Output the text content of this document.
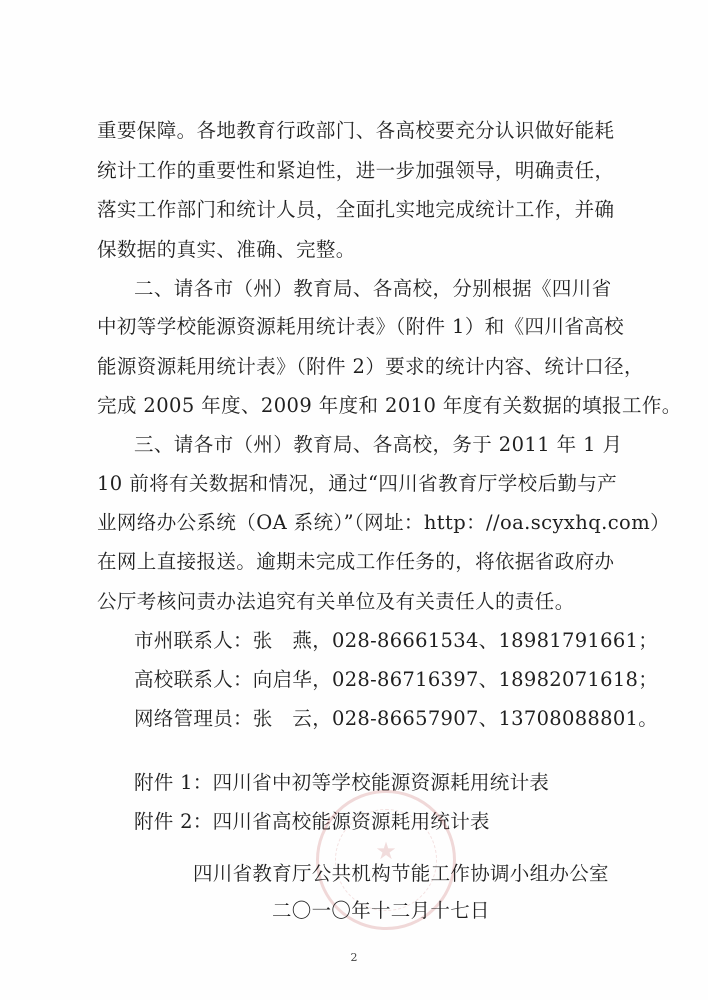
重要保障。各地教育行政部门、各高校要充分认识做好能耗
统计工作的重要性和紧迫性，进一步加强领导，明确责任，
落实工作部门和统计人员，全面扎实地完成统计工作，并确
保数据的真实、准确、完整。
二、请各市（州）教育局、各高校，分别根据《四川省
中初等学校能源资源耗用统计表》（附件 1）和《四川省高校
能源资源耗用统计表》（附件 2）要求的统计内容、统计口径，
完成 2005 年度、2009 年度和 2010 年度有关数据的填报工作。
三、请各市（州）教育局、各高校，务于 2011 年 1 月
10 前将有关数据和情况，通过“四川省教育厅学校后勤与产
业网络办公系统（OA 系统）”（网址：http：//oa.scyxhq.com）
在网上直接报送。逾期未完成工作任务的，将依据省政府办
公厅考核问责办法追究有关单位及有关责任人的责任。
市州联系人：张　燕，028-86661534、18981791661；
高校联系人：向启华，028-86716397、18982071618；
网络管理员：张　云，028-86657907、13708088801。
附件 1：四川省中初等学校能源资源耗用统计表
附件 2：四川省高校能源资源耗用统计表
★
四川省教育厅公共机构节能工作协调小组办公室
二〇一〇年十二月十七日
2
